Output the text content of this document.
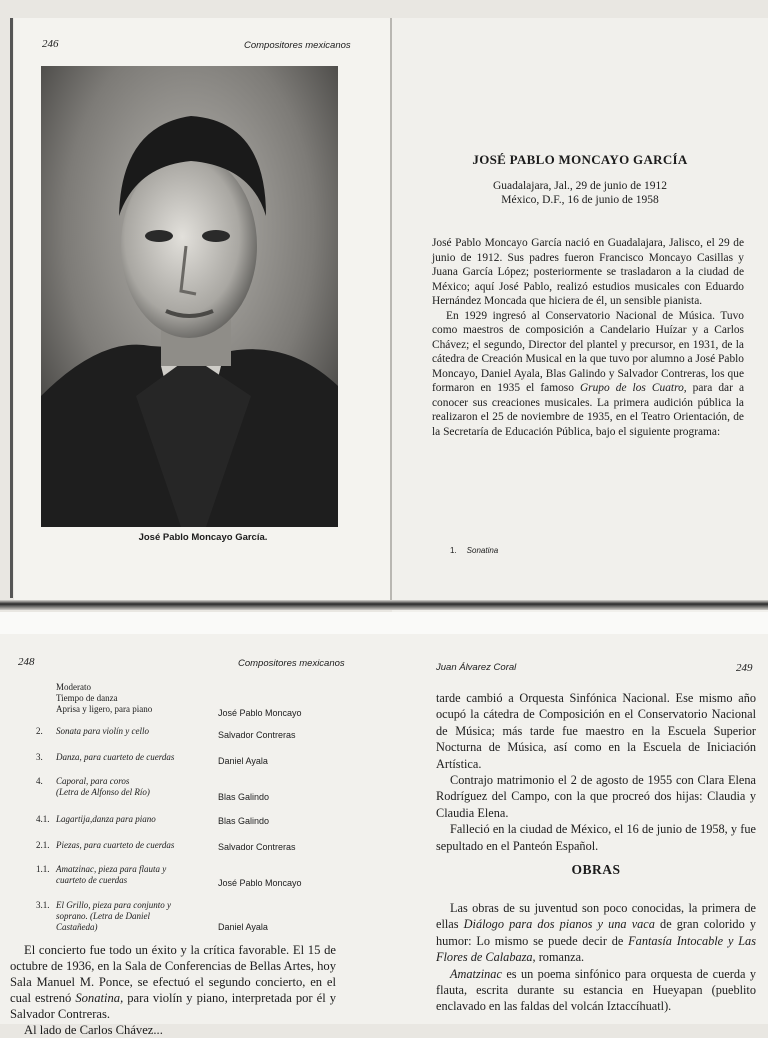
246	Compositores mexicanos
José Pablo Moncayo García.
JOSÉ PABLO MONCAYO GARCÍA
Guadalajara, Jal., 29 de junio de 1912
México, D.F., 16 de junio de 1958

José Pablo Moncayo García nació en Guadalajara, Jalisco, el 29 de junio de 1912. Sus padres fueron Francisco Moncayo Casillas y Juana García López; posteriormente se trasladaron a la ciudad de México; aquí José Pablo, realizó estudios musicales con Eduardo Hernández Moncada que hiciera de él, un sensible pianista.

En 1929 ingresó al Conservatorio Nacional de Música. Tuvo como maestros de composición a Candelario Huízar y a Carlos Chávez; el segundo, Director del plantel y precursor, en 1931, de la cátedra de Creación Musical en la que tuvo por alumno a José Pablo Moncayo, Daniel Ayala, Blas Galindo y Salvador Contreras, los que formaron en 1935 el famoso Grupo de los Cuatro, para dar a conocer sus creaciones musicales. La primera audición pública la realizaron el 25 de noviembre de 1935, en el Teatro Orientación, de la Secretaría de Educación Pública, bajo el siguiente programa:

1. Sonatina
248	Compositores mexicanos	Juan Álvarez Coral	249
Moderato
Tiempo de danza
Aprisa y ligero, para piano	José Pablo Moncayo
2. Sonata para violín y cello	Salvador Contreras
3. Danza, para cuarteto de cuerdas	Daniel Ayala
4. Caporal, para coros
(Letra de Alfonso del Río)	Blas Galindo
4.1. Lagartija,danza para piano	Blas Galindo
2.1. Piezas, para cuarteto de cuerdas	Salvador Contreras
1.1. Amatzinac, pieza para flauta y
cuarteto de cuerdas	José Pablo Moncayo
3.1. El Grillo, pieza para conjunto y
soprano. (Letra de Daniel
Castañeda)	Daniel Ayala

El concierto fue todo un éxito y la crítica favorable. El 15 de octubre de 1936, en la Sala de Conferencias de Bellas Artes, hoy Sala Manuel M. Ponce, se efectuó el segundo concierto, en el cual estrenó Sonatina, para violín y piano, interpretada por él y Salvador Contreras.

Al lado de Carlos Chávez...

tarde cambió a Orquesta Sinfónica Nacional. Ese mismo año ocupó la cátedra de Composición en el Conservatorio Nacional de Música; más tarde fue maestro en la Escuela Superior Nocturna de Música, así como en la Escuela de Iniciación Artística.

Contrajo matrimonio el 2 de agosto de 1955 con Clara Elena Rodríguez del Campo, con la que procreó dos hijas: Claudia y Claudia Elena.

Falleció en la ciudad de México, el 16 de junio de 1958, y fue sepultado en el Panteón Español.

OBRAS

Las obras de su juventud son poco conocidas, la primera de ellas Diálogo para dos pianos y una vaca de gran colorido y humor: Lo mismo se puede decir de Fantasía Intocable y Las Flores de Calabaza, romanza.

Amatzinac es un poema sinfónico para orquesta de cuerda y flauta, escrita durante su estancia en Hueyapan (pueblito enclavado en las faldas del volcán Iztaccíhuatl).
